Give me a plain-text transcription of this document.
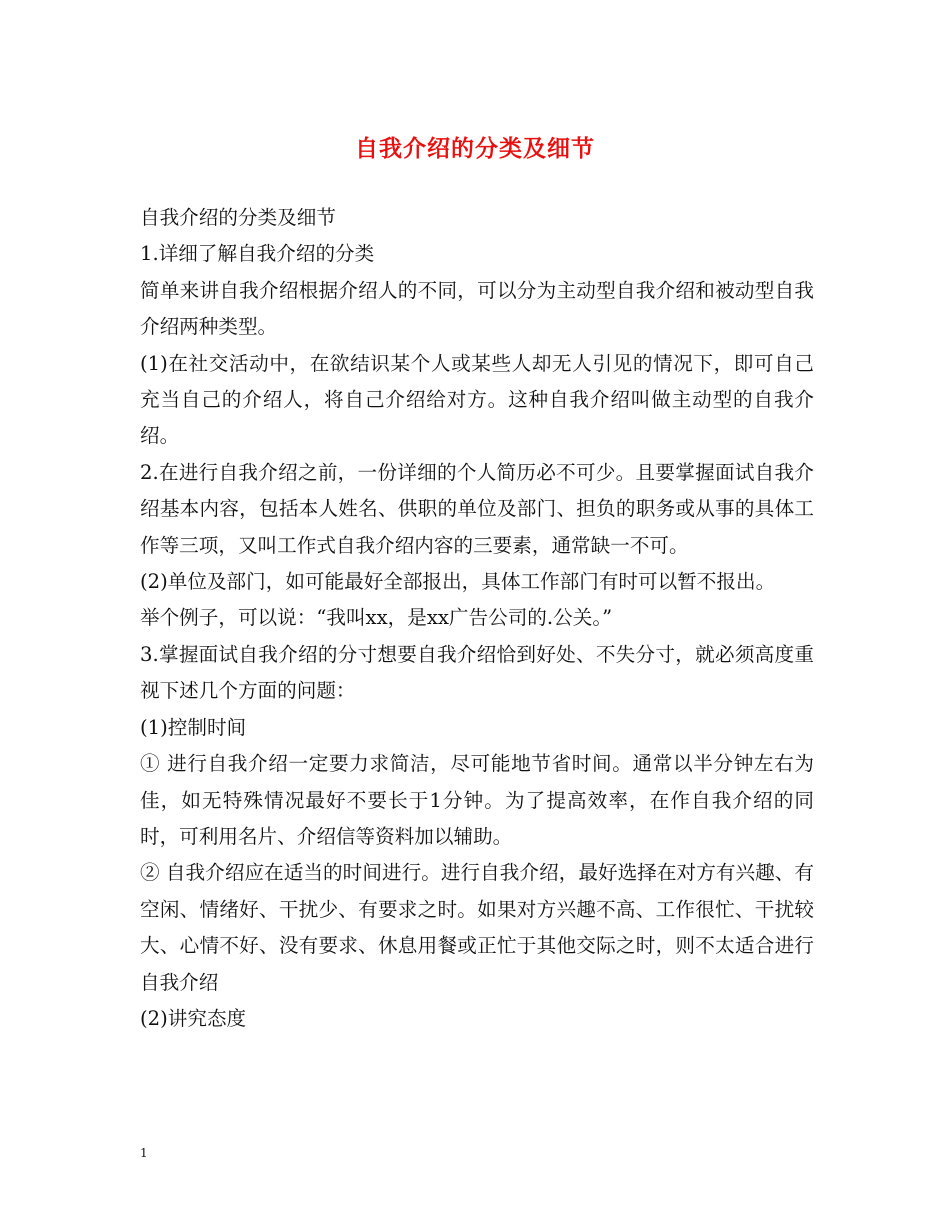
自我介绍的分类及细节

自我介绍的分类及细节

1.详细了解自我介绍的分类

简单来讲自我介绍根据介绍人的不同，可以分为主动型自我介绍和被动型自我介绍两种类型。

(1)在社交活动中，在欲结识某个人或某些人却无人引见的情况下，即可自己充当自己的介绍人，将自己介绍给对方。这种自我介绍叫做主动型的自我介绍。

2.在进行自我介绍之前，一份详细的个人简历必不可少。且要掌握面试自我介绍基本内容，包括本人姓名、供职的单位及部门、担负的职务或从事的具体工作等三项，又叫工作式自我介绍内容的三要素，通常缺一不可。

(2)单位及部门，如可能最好全部报出，具体工作部门有时可以暂不报出。

举个例子，可以说：“我叫xx，是xx广告公司的.公关。”

3.掌握面试自我介绍的分寸想要自我介绍恰到好处、不失分寸，就必须高度重视下述几个方面的问题：

(1)控制时间

① 进行自我介绍一定要力求简洁，尽可能地节省时间。通常以半分钟左右为佳，如无特殊情况最好不要长于1分钟。为了提高效率，在作自我介绍的同时，可利用名片、介绍信等资料加以辅助。

② 自我介绍应在适当的时间进行。进行自我介绍，最好选择在对方有兴趣、有空闲、情绪好、干扰少、有要求之时。如果对方兴趣不高、工作很忙、干扰较大、心情不好、没有要求、休息用餐或正忙于其他交际之时，则不太适合进行自我介绍

(2)讲究态度

1
